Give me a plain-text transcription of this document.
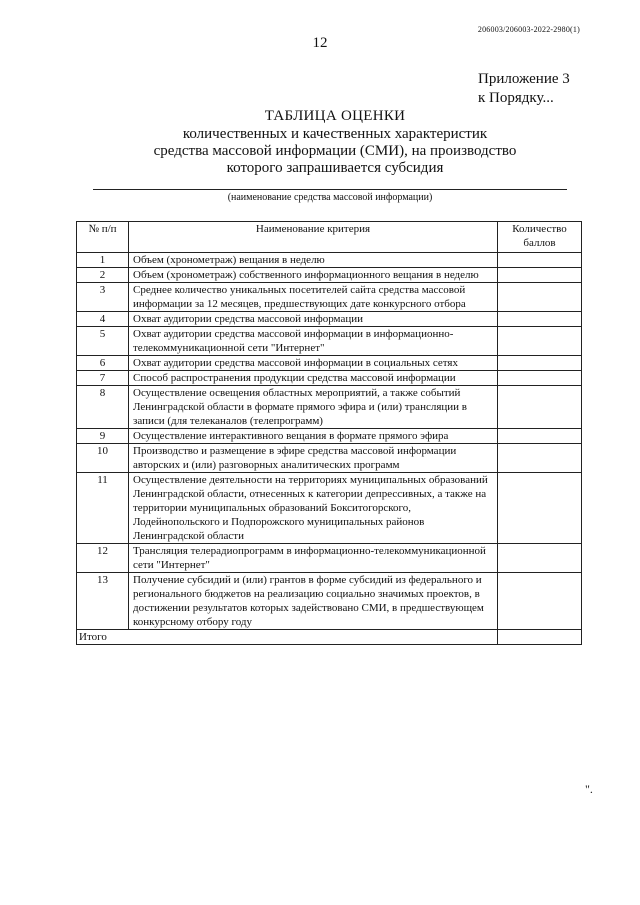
206003/206003-2022-2980(1)
12
Приложение 3
к Порядку...
ТАБЛИЦА ОЦЕНКИ
количественных и качественных характеристик
средства массовой информации (СМИ), на производство
которого запрашивается субсидия
(наименование средства массовой информации)
№ п/п	Наименование критерия	Количество баллов
1	Объем (хронометраж) вещания в неделю	
2	Объем (хронометраж) собственного информационного вещания в неделю	
3	Среднее количество уникальных посетителей сайта средства массовой информации за 12 месяцев, предшествующих дате конкурсного отбора	
4	Охват аудитории средства массовой информации	
5	Охват аудитории средства массовой информации в информационно-телекоммуникационной сети "Интернет"	
6	Охват аудитории средства массовой информации в социальных сетях	
7	Способ распространения продукции средства массовой информации	
8	Осуществление освещения областных мероприятий, а также событий Ленинградской области в формате прямого эфира и (или) трансляции в записи (для телеканалов (телепрограмм)	
9	Осуществление интерактивного вещания в формате прямого эфира	
10	Производство и размещение в эфире средства массовой информации авторских и (или) разговорных аналитических программ	
11	Осуществление деятельности на территориях муниципальных образований Ленинградской области, отнесенных к категории депрессивных, а также на территории муниципальных образований Бокситогорского, Лодейнопольского и Подпорожского муниципальных районов Ленинградской области	
12	Трансляция телерадиопрограмм в информационно-телекоммуникационной сети "Интернет"	
13	Получение субсидий и (или) грантов в форме субсидий из федерального и регионального бюджетов на реализацию социально значимых проектов, в достижении результатов которых задействовано СМИ, в предшествующем конкурсному отбору году	
Итого		
".
